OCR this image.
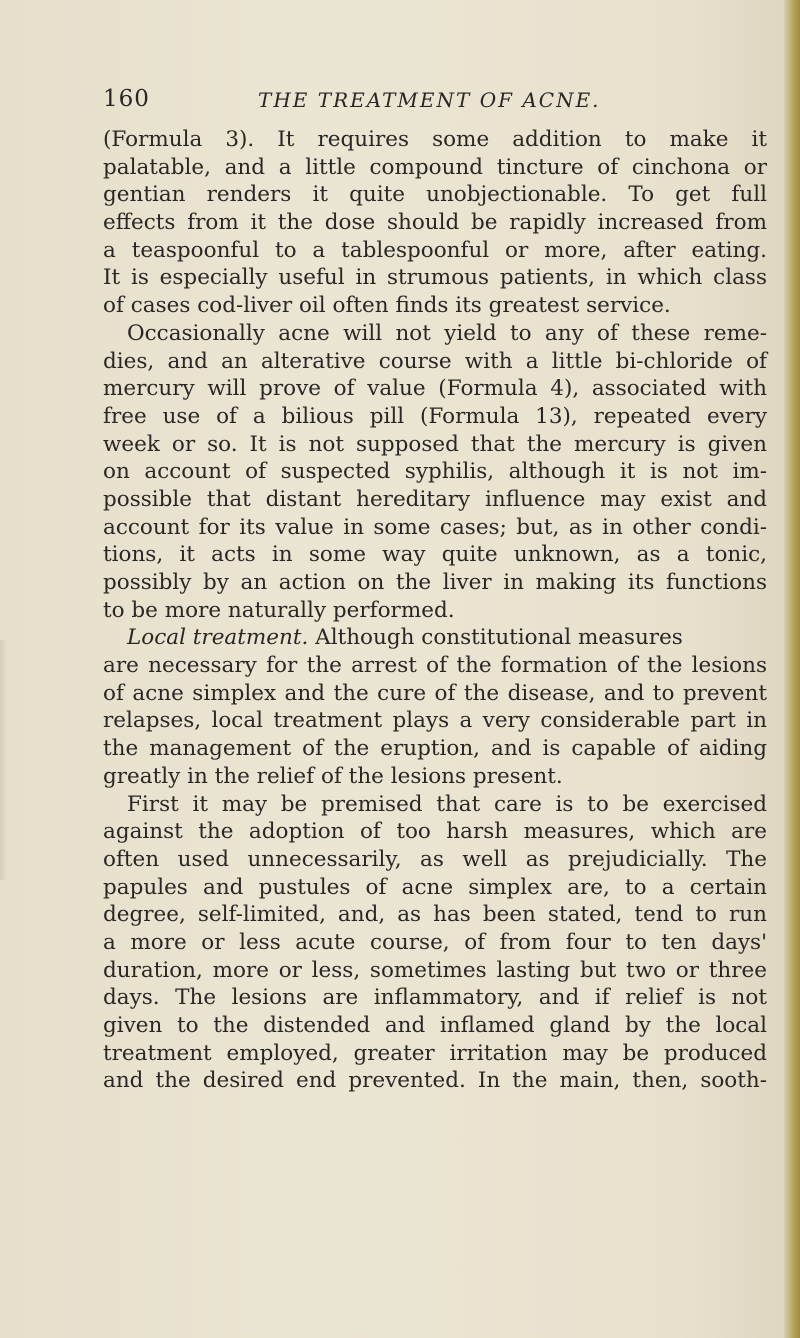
160	THE TREATMENT OF ACNE.
(Formula 3). It requires some addition to make it
palatable, and a little compound tincture of cinchona or
gentian renders it quite unobjectionable. To get full
effects from it the dose should be rapidly increased from
a teaspoonful to a tablespoonful or more, after eating.
It is especially useful in strumous patients, in which class
of cases cod-liver oil often finds its greatest service.
Occasionally acne will not yield to any of these reme-
dies, and an alterative course with a little bi-chloride of
mercury will prove of value (Formula 4), associated with
free use of a bilious pill (Formula 13), repeated every
week or so. It is not supposed that the mercury is given
on account of suspected syphilis, although it is not im-
possible that distant hereditary influence may exist and
account for its value in some cases; but, as in other condi-
tions, it acts in some way quite unknown, as a tonic,
possibly by an action on the liver in making its functions
to be more naturally performed.
Local treatment. Although constitutional measures
are necessary for the arrest of the formation of the lesions
of acne simplex and the cure of the disease, and to prevent
relapses, local treatment plays a very considerable part in
the management of the eruption, and is capable of aiding
greatly in the relief of the lesions present.
First it may be premised that care is to be exercised
against the adoption of too harsh measures, which are
often used unnecessarily, as well as prejudicially. The
papules and pustules of acne simplex are, to a certain
degree, self-limited, and, as has been stated, tend to run
a more or less acute course, of from four to ten days'
duration, more or less, sometimes lasting but two or three
days. The lesions are inflammatory, and if relief is not
given to the distended and inflamed gland by the local
treatment employed, greater irritation may be produced
and the desired end prevented. In the main, then, sooth-
